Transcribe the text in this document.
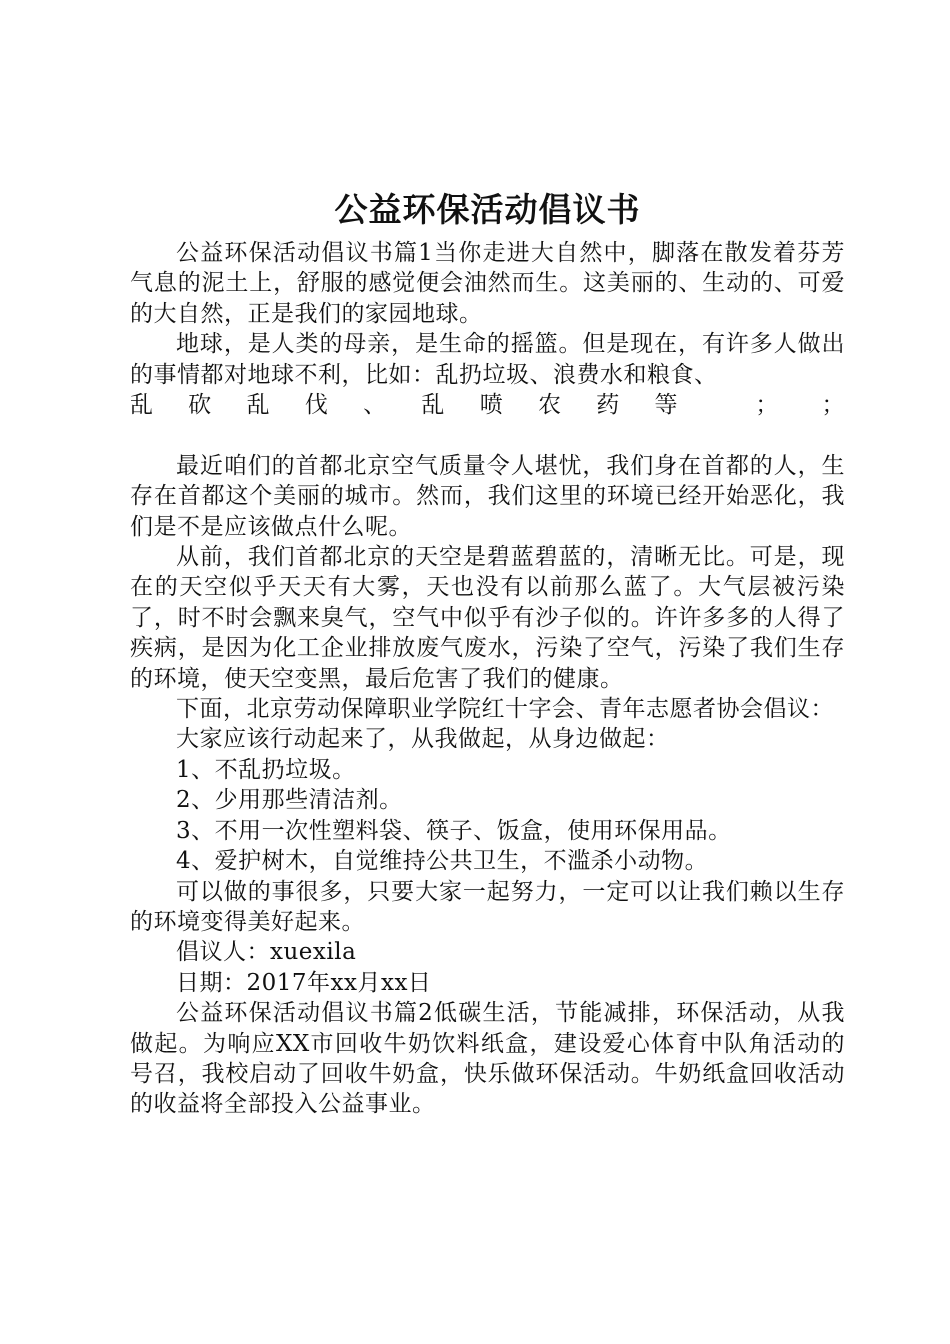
公益环保活动倡议书

公益环保活动倡议书篇1当你走进大自然中，脚落在散发着芬芳气息的泥土上，舒服的感觉便会油然而生。这美丽的、生动的、可爱的大自然，正是我们的家园地球。

地球，是人类的母亲，是生命的摇篮。但是现在，有许多人做出的事情都对地球不利，比如：乱扔垃圾、浪费水和粮食、

乱砍乱伐、乱喷农药等 ； ；

最近咱们的首都北京空气质量令人堪忧，我们身在首都的人，生存在首都这个美丽的城市。然而，我们这里的环境已经开始恶化，我们是不是应该做点什么呢。

从前，我们首都北京的天空是碧蓝碧蓝的，清晰无比。可是，现在的天空似乎天天有大雾，天也没有以前那么蓝了。大气层被污染了，时不时会飘来臭气，空气中似乎有沙子似的。许许多多的人得了疾病，是因为化工企业排放废气废水，污染了空气，污染了我们生存的环境，使天空变黑，最后危害了我们的健康。

下面，北京劳动保障职业学院红十字会、青年志愿者协会倡议：

大家应该行动起来了，从我做起，从身边做起：

1、不乱扔垃圾。

2、少用那些清洁剂。

3、不用一次性塑料袋、筷子、饭盒，使用环保用品。

4、爱护树木，自觉维持公共卫生，不滥杀小动物。

可以做的事很多，只要大家一起努力，一定可以让我们赖以生存的环境变得美好起来。

倡议人：xuexila

日期：2017年xx月xx日

公益环保活动倡议书篇2低碳生活，节能减排，环保活动，从我做起。为响应XX市回收牛奶饮料纸盒，建设爱心体育中队角活动的号召，我校启动了回收牛奶盒，快乐做环保活动。牛奶纸盒回收活动的收益将全部投入公益事业。
